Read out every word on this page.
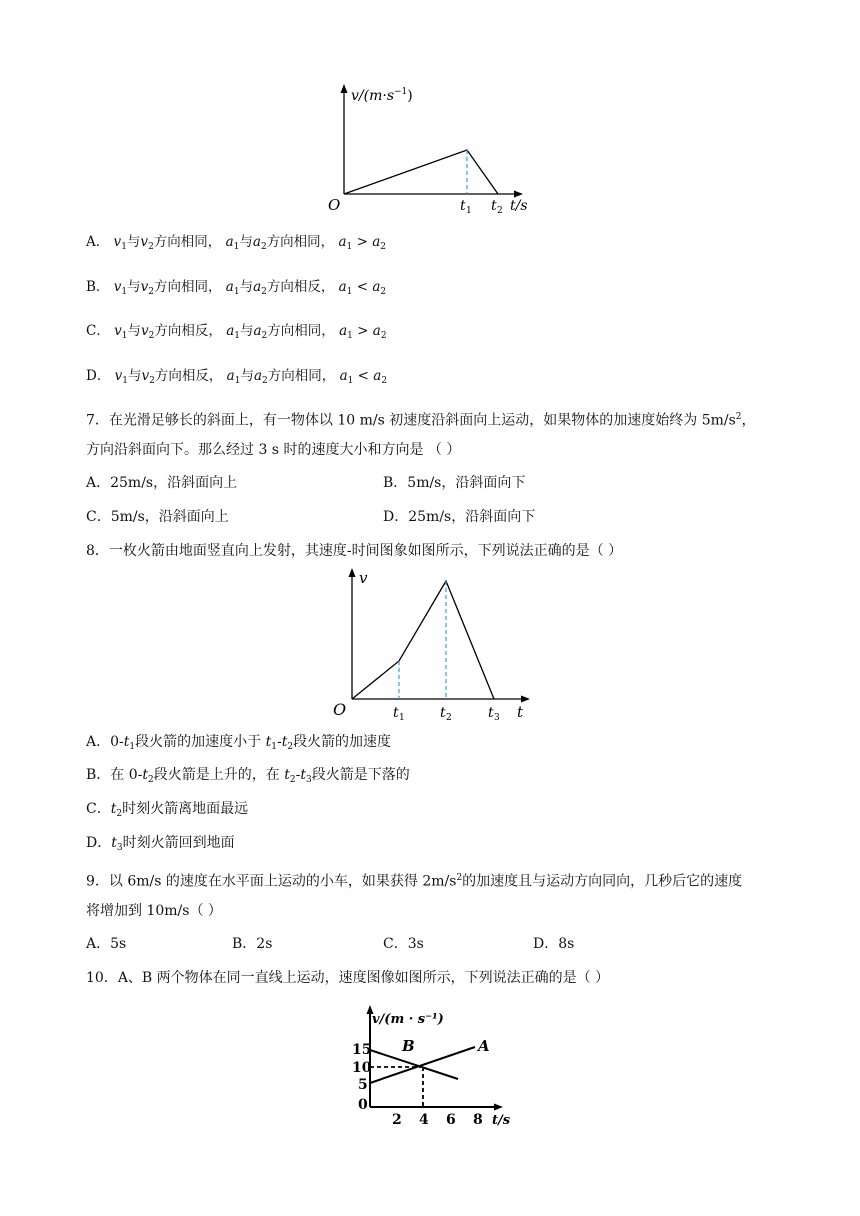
$v/(m\cdot s^{-1})$
O	t 1 t 2 t/s
A． $v_1$与$v_2$方向相同， $a_1$与$a_2$方向相同， $a_1 > a_2$
B． $v_1$与$v_2$方向相同， $a_1$与$a_2$方向相反， $a_1 < a_2$
C． $v_1$与$v_2$方向相反， $a_1$与$a_2$方向相同， $a_1 > a_2$
D． $v_1$与$v_2$方向相反， $a_1$与$a_2$方向相同， $a_1 < a_2$
7．在光滑足够长的斜面上，有一物体以 10 m/s 初速度沿斜面向上运动，如果物体的加速度始终为 $5m/s^2$，
方向沿斜面向下。那么经过 3 s 时的速度大小和方向是 （ ）
A．25m/s，沿斜面向上	B．5m/s，沿斜面向下
C．5m/s，沿斜面向上	D．25m/s，沿斜面向下
8．一枚火箭由地面竖直向上发射，其速度-时间图象如图所示，下列说法正确的是（ ）
v
O	t 1	t 2	t 3 t
A．$0-t_1$段火箭的加速度小于 $t_1-t_2$段火箭的加速度
B．在 $0-t_2$段火箭是上升的，在 $t_2-t_3$段火箭是下落的
C．$t_2$时刻火箭离地面最远
D．$t_3$时刻火箭回到地面
9．以 6m/s 的速度在水平面上运动的小车，如果获得 $2m/s^2$的加速度且与运动方向同向，几秒后它的速度
将增加到 10m/s（ ）
A．5s	B．2s	C．3s	D．8s
10．A、B 两个物体在同一直线上运动，速度图像如图所示，下列说法正确的是（ ）
v/(m · s⁻¹)
15
10
5
0
2 4 6 8 t/s
A
B
